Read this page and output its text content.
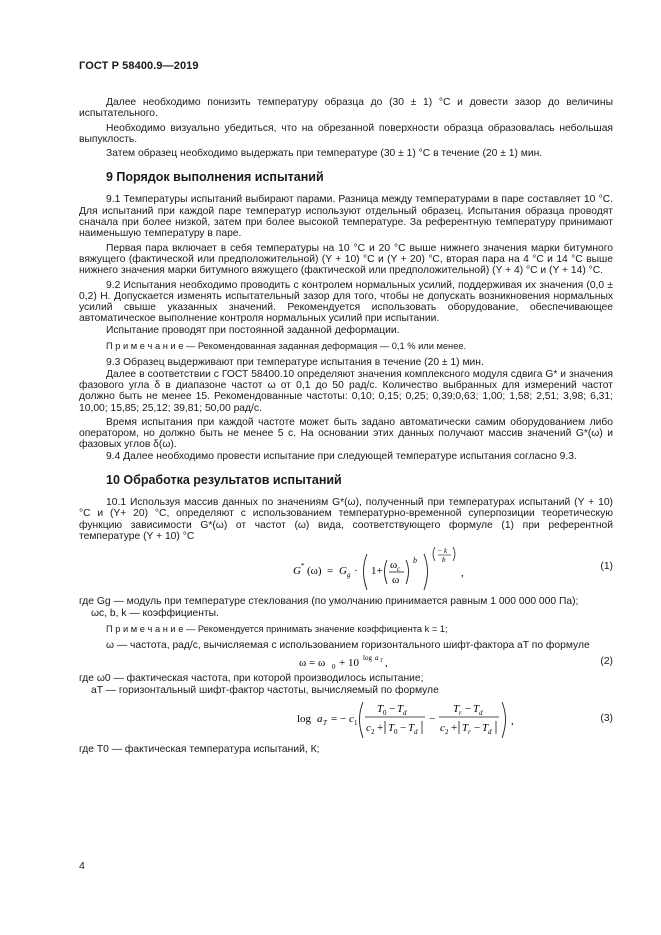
ГОСТ Р 58400.9—2019

Далее необходимо понизить температуру образца до (30 ± 1) °С и довести зазор до величины испытательного.

Необходимо визуально убедиться, что на обрезанной поверхности образца образовалась небольшая выпуклость.

Затем образец необходимо выдержать при температуре (30 ± 1) °С в течение (20 ± 1) мин.

9 Порядок выполнения испытаний

9.1 Температуры испытаний выбирают парами. Разница между температурами в паре составляет 10 °С. Для испытаний при каждой паре температур используют отдельный образец. Испытания образца проводят сначала при более низкой, затем при более высокой температуре. За референтную температуру принимают наименьшую температуру в паре.

Первая пара включает в себя температуры на 10 °С и 20 °С выше нижнего значения марки битумного вяжущего (фактической или предположительной) (Y + 10) °С и (Y + 20) °С, вторая пара на 4 °С и 14 °С выше нижнего значения марки битумного вяжущего (фактической или предположительной) (Y + 4) °С и (Y + 14) °С.

9.2 Испытания необходимо проводить с контролем нормальных усилий, поддерживая их значения (0,0 ± 0,2) Н. Допускается изменять испытательный зазор для того, чтобы не допускать возникновения нормальных усилий свыше указанных значений. Рекомендуется использовать оборудование, обеспечивающее автоматическое выполнение контроля нормальных усилий при испытании.

Испытание проводят при постоянной заданной деформации.

П р и м е ч а н и е — Рекомендованная заданная деформация — 0,1 % или менее.

9.3 Образец выдерживают при температуре испытания в течение (20 ± 1) мин.

Далее в соответствии с ГОСТ 58400.10 определяют значения комплексного модуля сдвига G* и значения фазового угла δ в диапазоне частот ω от 0,1 до 50 рад/с. Количество выбранных для измерений частот должно быть не менее 15. Рекомендованные частоты: 0,10; 0,15; 0,25; 0,39;0,63; 1,00; 1,58; 2,51; 3,98; 6,31; 10,00; 15,85; 25,12; 39,81; 50,00 рад/с.

Время испытания при каждой частоте может быть задано автоматически самим оборудованием либо оператором, но должно быть не менее 5 с. На основании этих данных получают массив значений G*(ω) и фазовых углов δ(ω).

9.4 Далее необходимо провести испытание при следующей температуре испытания согласно 9.3.

10 Обработка результатов испытаний

10.1 Используя массив данных по значениям G*(ω), полученный при температурах испытаний (Y + 10) °С и (Y+ 20) °С, определяют с использованием температурно-временной суперпозиции теоретическую функцию зависимости G*(ω) от частот (ω) вида, соответствующего формуле (1) при референтной температуре (Y + 10) °С

G * (ω) = G g · 1+ ω c
ω
b
− k
b
,
(1)

где Gg — модуль при температуре стеклования (по умолчанию принимается равным 1 000 000 000 Па);

ωc, b, k — коэффициенты.

П р и м е ч а н и е — Рекомендуется принимать значение коэффициента k = 1;

ω — частота, рад/с, вычисляемая с использованием горизонтального шифт-фактора aT по формуле

ω = ω 0 + 10 log a T ,	(2)

где ω0 — фактическая частота, при которой производилось испытание;

aT — горизонтальный шифт-фактор частоты, вычисляемый по формуле

log a T = − c 1
T 0 − T d
c 2 + T 0 − T d
−
T r − T d
c 2 + T r − T d
,	(3)

где T0 — фактическая температура испытаний, К;

4
